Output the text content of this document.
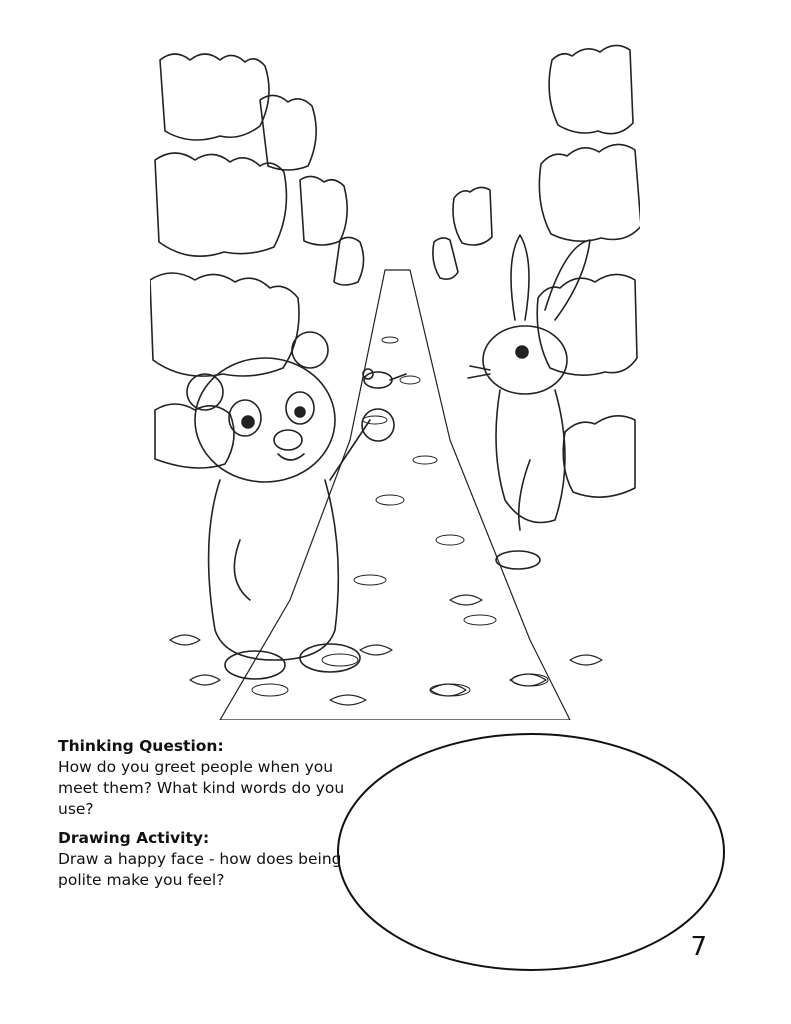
Thinking Question:

How do you greet people when you meet them? What kind words do you use?

Drawing Activity:

Draw a happy face - how does being polite make you feel?

7
